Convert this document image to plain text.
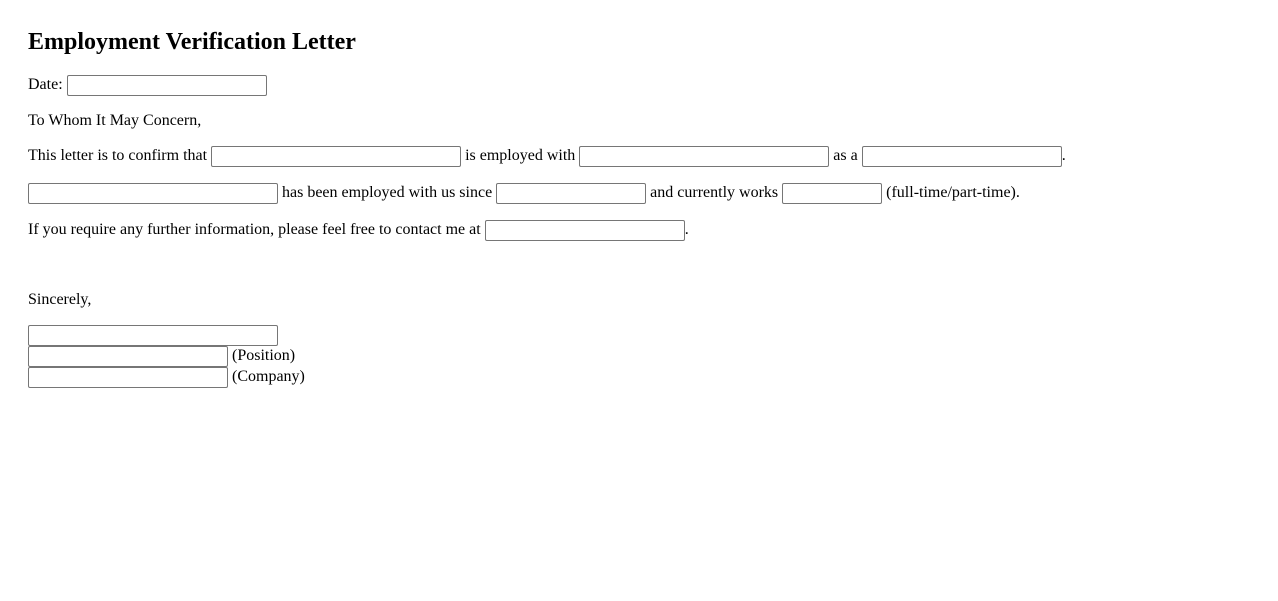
Employment Verification Letter
Date:
To Whom It May Concern,
This letter is to confirm that	is employed with	as a	.
has been employed with us since	and currently works	(full-time/part-time).
If you require any further information, please feel free to contact me at	.
Sincerely,
(Position)
(Company)
